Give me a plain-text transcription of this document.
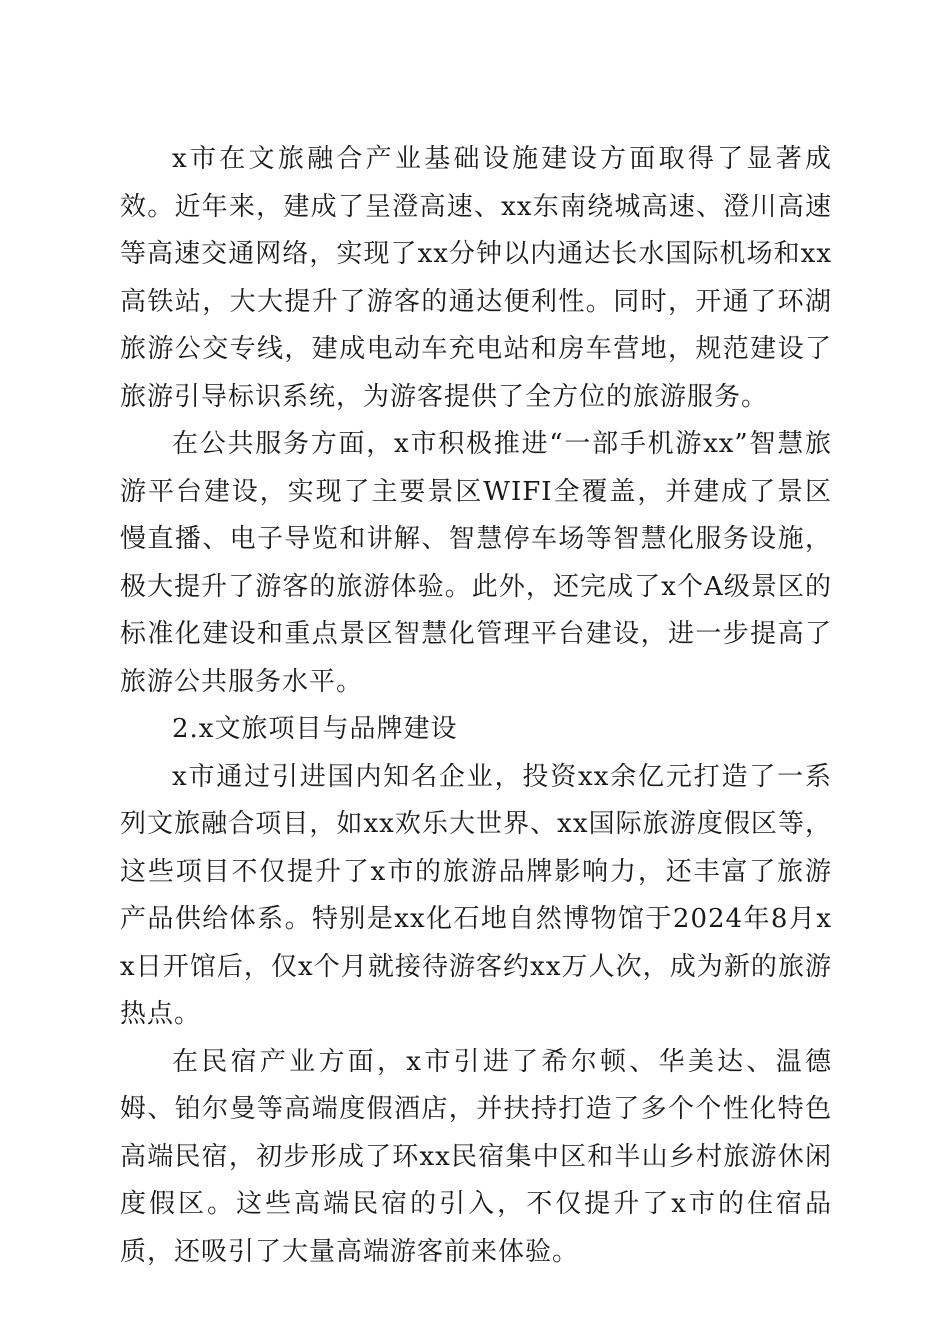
x市在文旅融合产业基础设施建设方面取得了显著成效。近年来，建成了呈澄高速、xx东南绕城高速、澄川高速等高速交通网络，实现了xx分钟以内通达长水国际机场和xx高铁站，大大提升了游客的通达便利性。同时，开通了环湖旅游公交专线，建成电动车充电站和房车营地，规范建设了旅游引导标识系统，为游客提供了全方位的旅游服务。

在公共服务方面，x市积极推进“一部手机游xx”智慧旅游平台建设，实现了主要景区WIFI全覆盖，并建成了景区慢直播、电子导览和讲解、智慧停车场等智慧化服务设施，极大提升了游客的旅游体验。此外，还完成了x个A级景区的标准化建设和重点景区智慧化管理平台建设，进一步提高了旅游公共服务水平。

2.x文旅项目与品牌建设

x市通过引进国内知名企业，投资xx余亿元打造了一系列文旅融合项目，如xx欢乐大世界、xx国际旅游度假区等，这些项目不仅提升了x市的旅游品牌影响力，还丰富了旅游产品供给体系。特别是xx化石地自然博物馆于2024年8月xx日开馆后，仅x个月就接待游客约xx万人次，成为新的旅游热点。

在民宿产业方面，x市引进了希尔顿、华美达、温德姆、铂尔曼等高端度假酒店，并扶持打造了多个个性化特色高端民宿，初步形成了环xx民宿集中区和半山乡村旅游休闲度假区。这些高端民宿的引入，不仅提升了x市的住宿品质，还吸引了大量高端游客前来体验。
